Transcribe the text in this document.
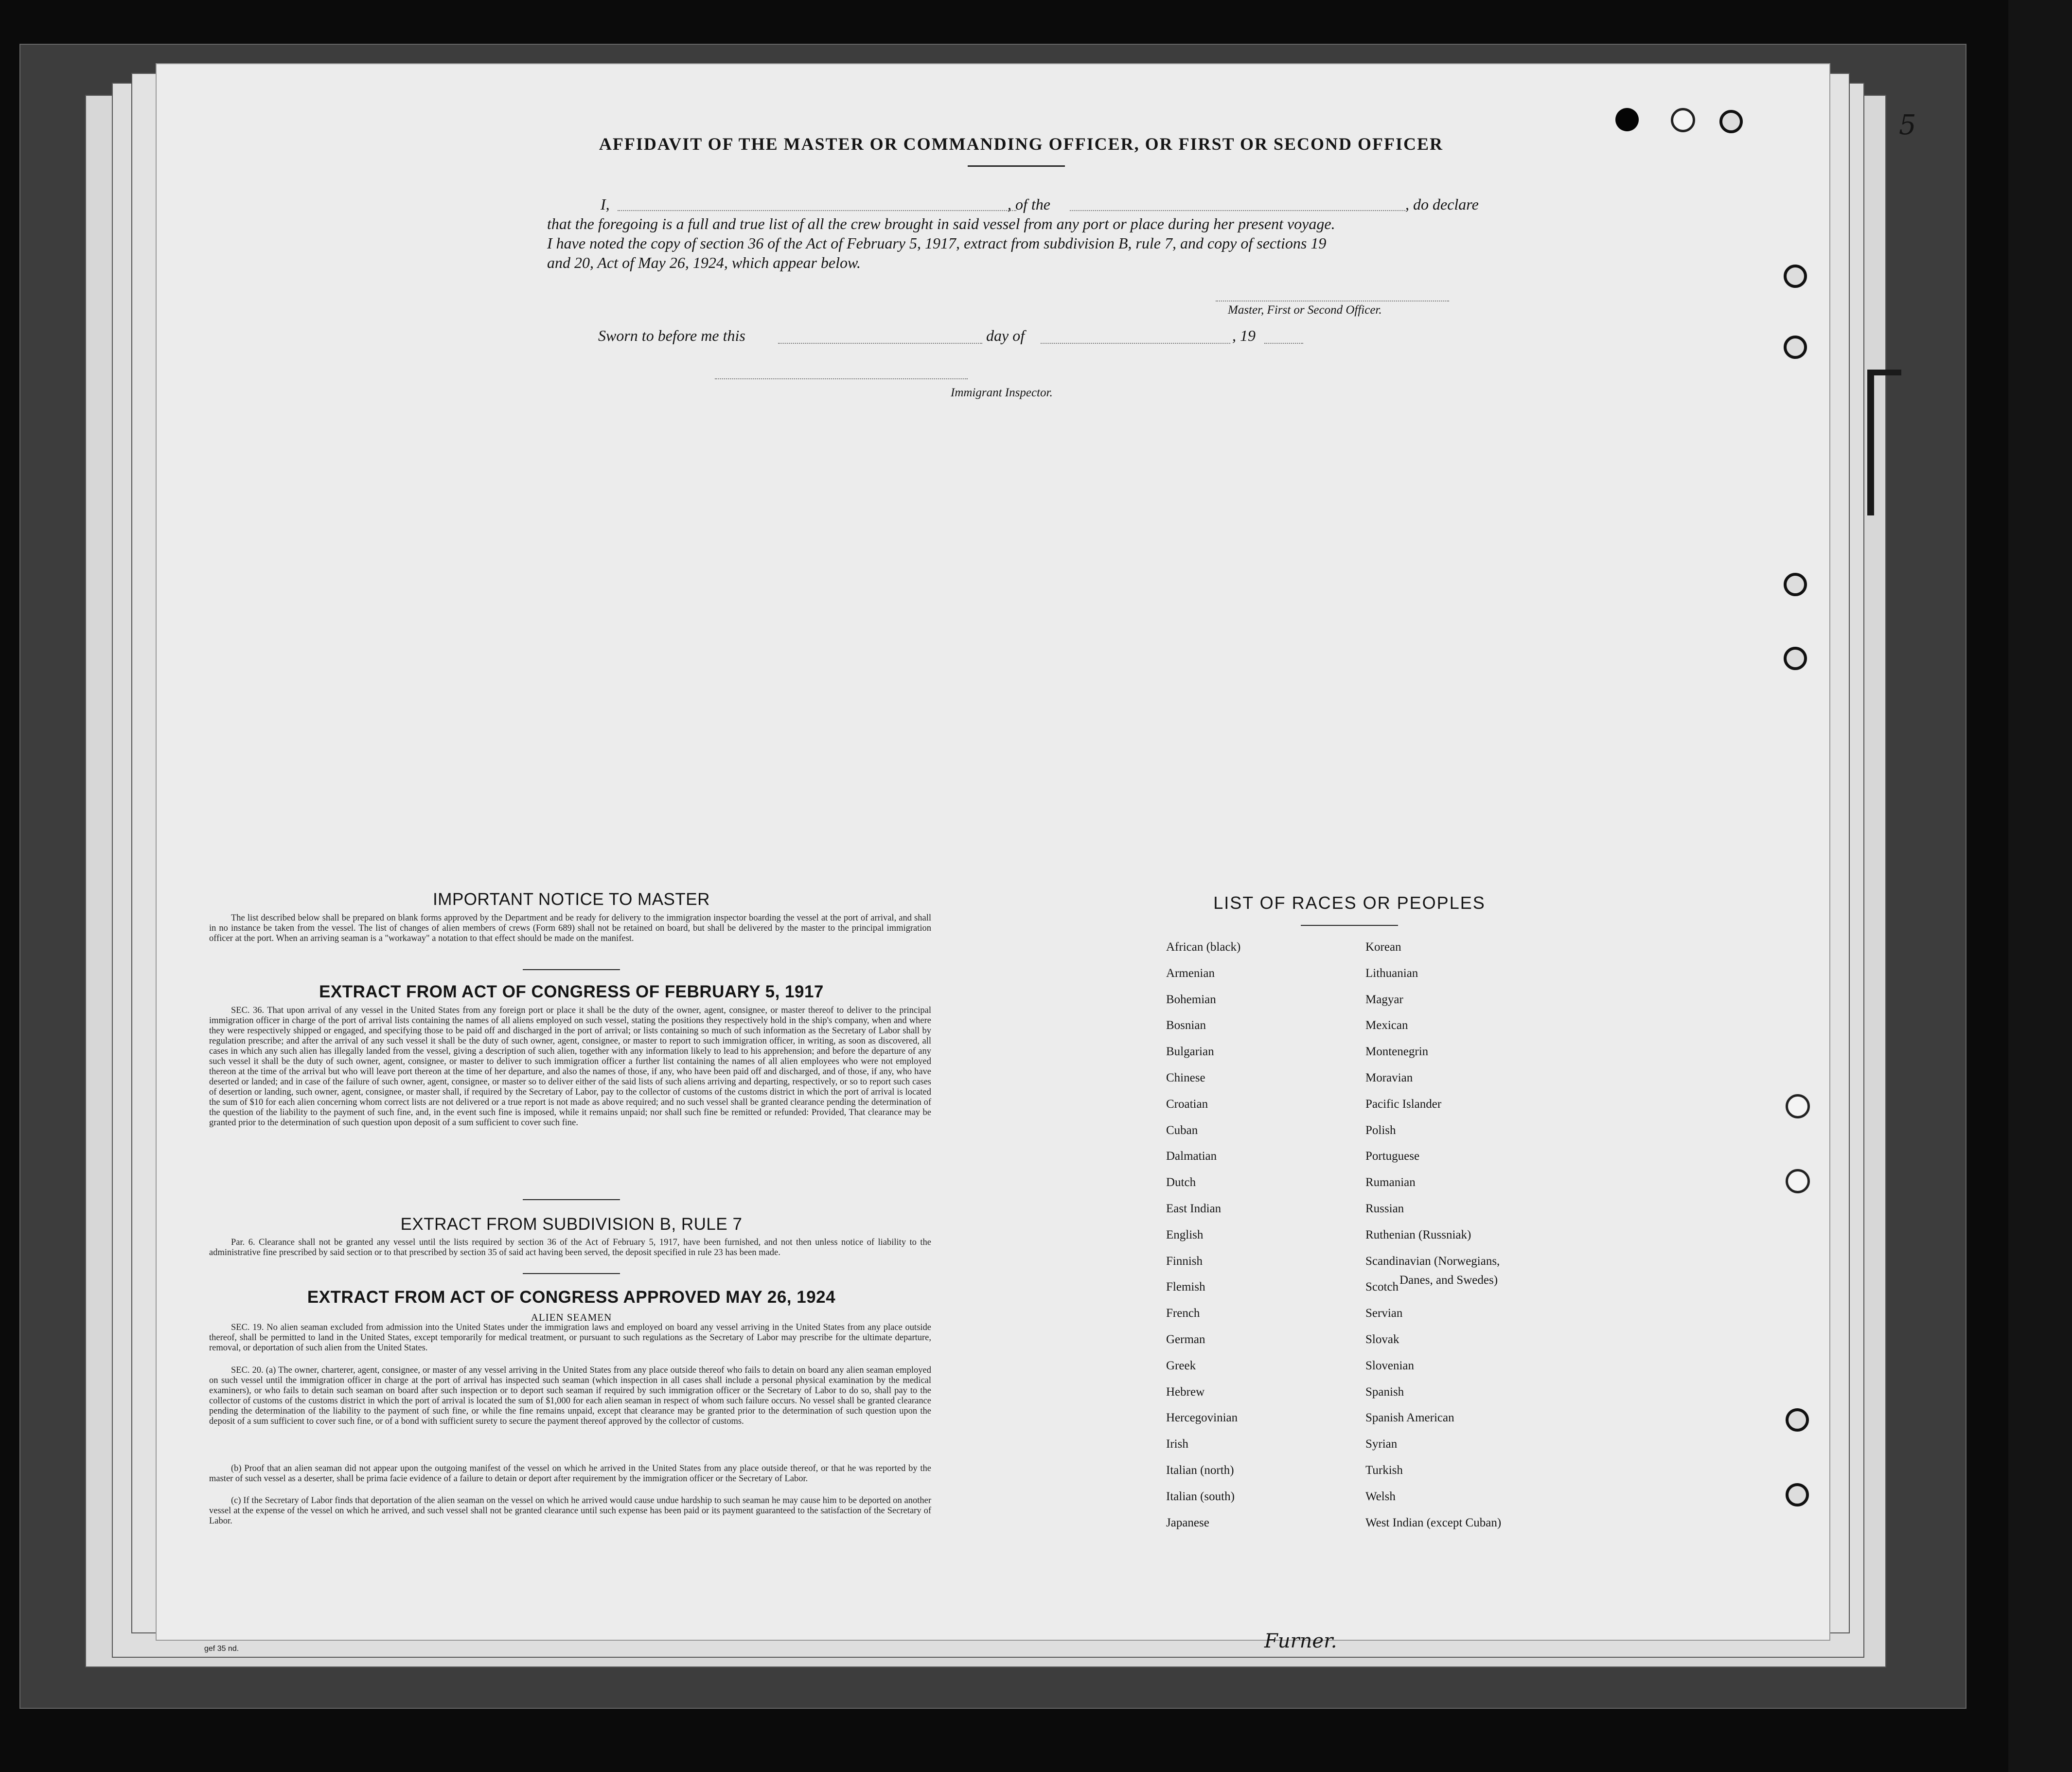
AFFIDAVIT OF THE MASTER OR COMMANDING OFFICER, OR FIRST OR SECOND OFFICER
I,	, of the	, do declare
that the foregoing is a full and true list of all the crew brought in said vessel from any port or place during her present voyage.
I have noted the copy of section 36 of the Act of February 5, 1917, extract from subdivision B, rule 7, and copy of sections 19
and 20, Act of May 26, 1924, which appear below.
Master, First or Second Officer.
Sworn to before me this	day of	, 19
Immigrant Inspector.
IMPORTANT NOTICE TO MASTER
The list described below shall be prepared on blank forms approved by the Department and be ready for delivery to the immigration inspector boarding the vessel at the port of arrival, and shall in no instance be taken from the vessel. The list of changes of alien members of crews (Form 689) shall not be retained on board, but shall be delivered by the master to the principal immigration officer at the port. When an arriving seaman is a "workaway" a notation to that effect should be made on the manifest.
EXTRACT FROM ACT OF CONGRESS OF FEBRUARY 5, 1917
SEC. 36. That upon arrival of any vessel in the United States from any foreign port or place it shall be the duty of the owner, agent, consignee, or master thereof to deliver to the principal immigration officer in charge of the port of arrival lists containing the names of all aliens employed on such vessel, stating the positions they respectively hold in the ship's company, when and where they were respectively shipped or engaged, and specifying those to be paid off and discharged in the port of arrival; or lists containing so much of such information as the Secretary of Labor shall by regulation prescribe; and after the arrival of any such vessel it shall be the duty of such owner, agent, consignee, or master to report to such immigration officer, in writing, as soon as discovered, all cases in which any such alien has illegally landed from the vessel, giving a description of such alien, together with any information likely to lead to his apprehension; and before the departure of any such vessel it shall be the duty of such owner, agent, consignee, or master to deliver to such immigration officer a further list containing the names of all alien employees who were not employed thereon at the time of the arrival but who will leave port thereon at the time of her departure, and also the names of those, if any, who have been paid off and discharged, and of those, if any, who have deserted or landed; and in case of the failure of such owner, agent, consignee, or master so to deliver either of the said lists of such aliens arriving and departing, respectively, or so to report such cases of desertion or landing, such owner, agent, consignee, or master shall, if required by the Secretary of Labor, pay to the collector of customs of the customs district in which the port of arrival is located the sum of $10 for each alien concerning whom correct lists are not delivered or a true report is not made as above required; and no such vessel shall be granted clearance pending the determination of the question of the liability to the payment of such fine, and, in the event such fine is imposed, while it remains unpaid; nor shall such fine be remitted or refunded: Provided, That clearance may be granted prior to the determination of such question upon deposit of a sum sufficient to cover such fine.
EXTRACT FROM SUBDIVISION B, RULE 7
Par. 6. Clearance shall not be granted any vessel until the lists required by section 36 of the Act of February 5, 1917, have been furnished, and not then unless notice of liability to the administrative fine prescribed by said section or to that prescribed by section 35 of said act having been served, the deposit specified in rule 23 has been made.
EXTRACT FROM ACT OF CONGRESS APPROVED MAY 26, 1924
ALIEN SEAMEN
SEC. 19. No alien seaman excluded from admission into the United States under the immigration laws and employed on board any vessel arriving in the United States from any place outside thereof, shall be permitted to land in the United States, except temporarily for medical treatment, or pursuant to such regulations as the Secretary of Labor may prescribe for the ultimate departure, removal, or deportation of such alien from the United States.
SEC. 20. (a) The owner, charterer, agent, consignee, or master of any vessel arriving in the United States from any place outside thereof who fails to detain on board any alien seaman employed on such vessel until the immigration officer in charge at the port of arrival has inspected such seaman (which inspection in all cases shall include a personal physical examination by the medical examiners), or who fails to detain such seaman on board after such inspection or to deport such seaman if required by such immigration officer or the Secretary of Labor to do so, shall pay to the collector of customs of the customs district in which the port of arrival is located the sum of $1,000 for each alien seaman in respect of whom such failure occurs. No vessel shall be granted clearance pending the determination of the liability to the payment of such fine, or while the fine remains unpaid, except that clearance may be granted prior to the determination of such question upon the deposit of a sum sufficient to cover such fine, or of a bond with sufficient surety to secure the payment thereof approved by the collector of customs.
(b) Proof that an alien seaman did not appear upon the outgoing manifest of the vessel on which he arrived in the United States from any place outside thereof, or that he was reported by the master of such vessel as a deserter, shall be prima facie evidence of a failure to detain or deport after requirement by the immigration officer or the Secretary of Labor.
(c) If the Secretary of Labor finds that deportation of the alien seaman on the vessel on which he arrived would cause undue hardship to such seaman he may cause him to be deported on another vessel at the expense of the vessel on which he arrived, and such vessel shall not be granted clearance until such expense has been paid or its payment guaranteed to the satisfaction of the Secretary of Labor.
LIST OF RACES OR PEOPLES
African (black)
Armenian
Bohemian
Bosnian
Bulgarian
Chinese
Croatian
Cuban
Dalmatian
Dutch
East Indian
English
Finnish
Flemish
French
German
Greek
Hebrew
Hercegovinian
Irish
Italian (north)
Italian (south)
Japanese
Korean
Lithuanian
Magyar
Mexican
Montenegrin
Moravian
Pacific Islander
Polish
Portuguese
Rumanian
Russian
Ruthenian (Russniak)
Scandinavian (Norwegians,
Scotch
Servian
Slovak
Slovenian
Spanish
Spanish American
Syrian
Turkish
Welsh
West Indian (except Cuban)
Danes, and Swedes)
5
Furner.
gef 35 nd.
